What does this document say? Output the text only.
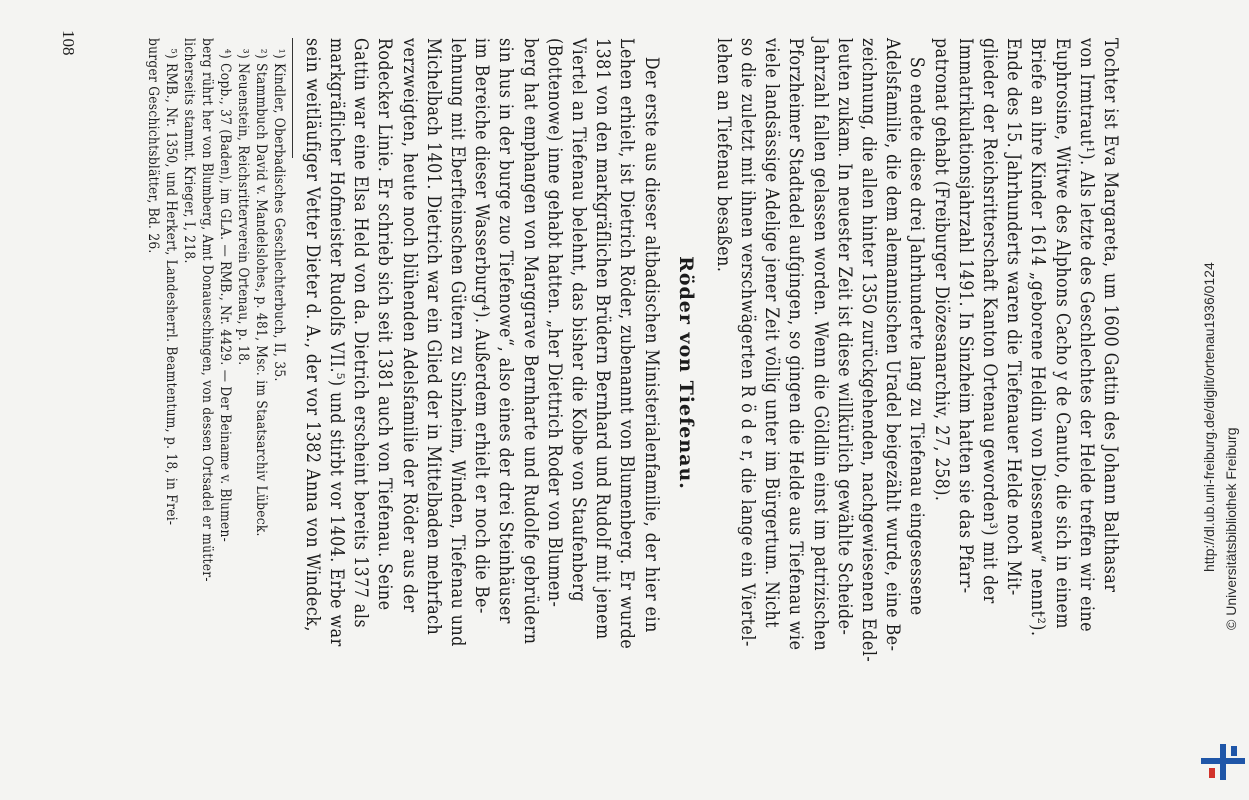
108	Tochter ist Eva Margareta, um 1600 Gattin des Johann Balthasar
von Irmtraut¹). Als letzte des Geschlechtes der Helde treffen wir eine
Euphrosine, Witwe des Alphons Cacho y de Canuto, die sich in einem
Briefe an ihre Kinder 1614 „geborene Heldin von Diessenaw“ nennt²).
Ende des 15. Jahrhunderts waren die Tiefenauer Helde noch Mit-
glieder der Reichsritterschaft Kanton Ortenau geworden³) mit der
Immatrikulationsjahrzahl 1491. In Sinzheim hatten sie das Pfarr-
patronat gehabt (Freiburger Diözesanarchiv, 27, 258).
So endete diese drei Jahrhunderte lang zu Tiefenau eingesessene
Adelsfamilie, die dem alemannischen Uradel beigezählt wurde, eine Be-
zeichnung, die allen hinter 1350 zurückgehenden, nachgewiesenen Edel-
leuten zukam. In neuester Zeit ist diese willkürlich gewählte Scheide-
Jahrzahl fallen gelassen worden. Wenn die Göldlin einst im patrizischen
Pforzheimer Stadtadel aufgingen, so gingen die Helde aus Tiefenau wie
viele landsässige Adelige jener Zeit völlig unter im Bürgertum. Nicht
so die zuletzt mit ihnen verschwägerten R ö d e r, die lange ein Viertel-
lehen an Tiefenau besaßen.
Röder von Tiefenau.
Der erste aus dieser altbadischen Ministerialenfamilie, der hier ein
Lehen erhielt, ist Dietrich Röder, zubenannt von Blumenberg. Er wurde
1381 von den markgräflichen Brüdern Bernhard und Rudolf mit jenem
Viertel an Tiefenau belehnt, das bisher die Kolbe von Staufenberg
(Bottenowe) inne gehabt hatten. „her Diettrich Roder von Blumen-
berg hat emphangen von Marggrave Bernharte und Rudolfe gebrüdern
sin hus in der burge zuo Tiefenowe“, also eines der drei Steinhäuser
im Bereiche dieser Wasserburg⁴). Außerdem erhielt er noch die Be-
lehnung mit Eberfteinschen Gütern zu Sinzheim, Winden, Tiefenau und
Michelbach 1401. Dietrich war ein Glied der in Mittelbaden mehrfach
verzweigten, heute noch blühenden Adelsfamilie der Röder aus der
Rodecker Linie. Er schrieb sich seit 1381 auch von Tiefenau. Seine
Gattin war eine Elsa Held von da. Dietrich erscheint bereits 1377 als
markgräflicher Hofmeister Rudolfs VII.⁵) und stirbt vor 1404. Erbe war
sein weitläufiger Vetter Dieter d. A., der vor 1382 Anna von Windeck,
¹) Kindler, Oberbadisches Geschlechterbuch, II, 35.
²) Stammbuch David v. Mandelslohes, p. 481, Msc. im Staatsarchiv Lübeck.
³) Neuenstein, Reichsritterverein Ortenau, p. 18.
⁴) Copb., 37 (Baden), im GLA. — RMB., Nr. 4429. — Der Beiname v. Blumen-
berg rührt her von Blumberg, Amt Donaueschingen, von dessen Ortsadel er mütter-
licherseits stammt. Krieger, I, 218.
⁵) RMB., Nr. 1350, und Herkert, Landesherrl. Beamtentum, p. 18, in Frei-
burger Geschichtsblätter, Bd. 26.
http://dl.ub.uni-freiburg.de/diglit/ortenau1936/0124 © Universitätsbibliothek Freiburg
